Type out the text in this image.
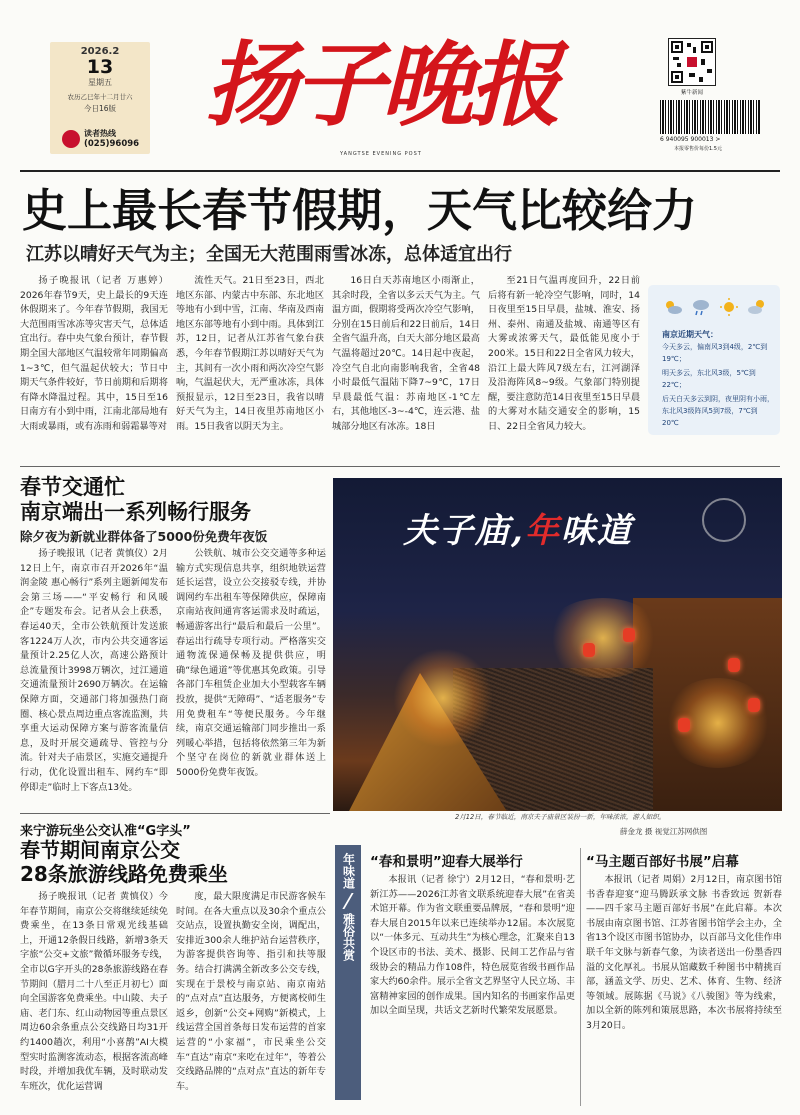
2026.2
13
星期五
农历乙巳年十二月廿六
今日16版
读者热线
(025)96096
扬子晚报
YANGTSE EVENING POST
紫牛新闻
6 940095 900013 >
本报零售价每份1.5元
史上最长春节假期，天气比较给力
江苏以晴好天气为主；全国无大范围雨雪冰冻，总体适宜出行

扬子晚报讯（记者 万惠婷）2026年春节9天，史上最长的9天连休假期来了。今年春节假期，我国无大范围雨雪冰冻等灾害天气，总体适宜出行。春中央气象台预计，春节假期全国大部地区气温较常年同期偏高1~3℃，但气温起伏较大；节日中期天气条件较好，节日前期和后期将有降水降温过程。其中，15日至16日南方有小到中雨，江南北部局地有大雨或暴雨，或有冻雨和弱霜暴等对

流性天气。21日至23日，西北地区东部、内蒙古中东部、东北地区等地有小到中雪，江南、华南及西南地区东部等地有小到中雨。具体到江苏，12日，记者从江苏省气象台获悉，今年春节假期江苏以晴好天气为主，其间有一次小雨和两次冷空气影响，气温起伏大，无严重冰冻，具体预报显示，12日至23日，我省以晴好天气为主，14日夜里苏南地区小雨。15日我省以阴天为主。

16日白天苏南地区小雨渐止，其余时段，全省以多云天气为主。气温方面，假期将受两次冷空气影响，分别在15日前后和22日前后，14日全省气温升高，白天大部分地区最高气温将超过20℃。14日起中夜起，冷空气自北向南影响我省，全省48小时最低气温陆下降7~9℃，17日早晨最低气温：苏南地区-1℃左右，其他地区-3~-4℃，连云港、盐城部分地区有冰冻。18日

至21日气温再度回升，22日前后将有新一轮冷空气影响，同时，14日夜里至15日早晨，盐城、淮安、扬州、泰州、南通及盐城、南通等区有大雾或浓雾天气，最低能见度小于200米。15日和22日全省风力较大，沿江上最大阵风7级左右，江河湖泽及沿海阵风8~9级。气象部门特别提醒，要注意防范14日夜里至15日早晨的大雾对水陆交通安全的影响，15日、22日全省风力较大。

南京近期天气：
今天多云，偏南风3到4级，2℃到19℃；
明天多云，东北风3级，5℃到22℃；
后天白天多云到阴，夜里阴有小雨，东北风3级阵风5到7级，7℃到20℃
春节交通忙
南京端出一系列畅行服务
除夕夜为新就业群体备了5000份免费年夜饭

扬子晚报讯（记者 黄慎仪）2月12日上午，南京市召开2026年“温润金陵 惠心畅行”系列主题新闻发布会第三场——“平安畅行 和风暖企”专题发布会。记者从会上获悉，春运40天，全市公铁航预计发送旅客1224万人次，市内公共交通客运量预计2.25亿人次，高速公路预计总流量预计3998万辆次，过江通道交通流量预计2690万辆次。在运输保障方面，交通部门将加强热门商圈、核心景点周边重点客流监测，共享重大运动保障方案与游客流量信息，及时开展交通疏导、管控与分流。针对夫子庙景区，实施交通提升行动，优化设置出租车、网约车“即停即走”临时上下客点13处。

公铁航、城市公交交通等多种运输方式实现信息共享，组织地铁运营延长运营，设立公交接驳专线，并协调网约车出租车等保障供应，保障南京南站夜间通宵客运需求及时疏运，畅通游客出行“最后和最后一公里”。春运出行疏导专项行动。严格落实交通物流保通保畅及提供供应，明确“绿色通道”等优惠其免政策。引导各部门车租赁企业加大小型载客车辆投放，提供“无障碍”、“适老服务”专用免费租车“等便民服务。今年继续，南京交通运输部门同步推出一系列暖心举措，包括将依然第三年为新个坚守在岗位的新就业群体送上5000份免费年夜饭。

夫子庙,年味道
2月12日，春节临近，南京夫子庙景区装扮一新，年味浓浓，游人如织。
薛金龙 摄 视觉江苏网供图
来宁游玩坐公交认准“G字头”
春节期间南京公交
28条旅游线路免费乘坐

扬子晚报讯（记者 黄慎仪）今年春节期间，南京公交将继续延续免费乘坐，在13条日常观光线基础上，开通12条假日线路，新增3条天字旅“公交+文旅”微循环服务专线，全市以G字开头的28条旅游线路在春节期间（腊月二十八至正月初七）面向全国游客免费乘坐。中山陵、夫子庙、老门东、红山动物园等重点景区周边60余条重点公交线路日均31开约1400趟次，利用“小喜鹊”AI大模型实时监测客流动态，根据客流高峰时段，并增加我优车辆，及时联动发车班次，优化运营调

度，最大限度满足市民游客候车时间。在各大重点以及30余个重点公交站点，设置执勤安全岗，调配出，安排近300余人维护站台运营秩序，为游客提供咨询等、指引和扶等服务。结合打满满全新改多公交专线，实现在于景校与南京站、南京南站的“点对点”直达服务，方便离校师生返乡，创新“公交+网购”新模式，上线运营全国首条每日发布运营的首家运营的“小家福”，市民乘坐公交车“直达”南京“来吃在过年”，等着公交线路品牌的“点对点”直达的新年专车。

年味道
雅俗共赏
“春和景明”迎春大展举行

本报讯（记者 徐宁）2月12日，“春和景明·艺新江苏——2026江苏省文联系统迎春大展”在省美术馆开幕。作为省文联重要品牌展，“春和景明”迎春大展自2015年以来已连续举办12届。本次展览以“一体多元、互动共生”为核心理念，汇聚来自13个设区市的书法、美术、摄影、民间工艺作品与省级协会的精品力作108件，特色展览省级书画作品家大约60余件。展示全省文艺界坚守人民立场、丰富精神家园的创作成果。国内知名的书画家作品更加以全面呈现，共话文艺新时代繁荣发展愿景。

“马主题百部好书展”启幕

本报讯（记者 周娟）2月12日，南京图书馆书香春迎宴“迎马腾跃承文脉 书香致远 贺新春——四千家马主题百部好书展”在此启幕。本次书展由南京图书馆、江苏省图书馆学会主办，全省13个设区市图书馆协办，以百部马文化佳作串联千年文脉与新春气象，为读者送出一份墨香四溢的文化厚礼。书展从馆藏数千种图书中精挑百部，涵盖文学、历史、艺术、体育、生物、经济等领域。展陈据《马说》《八骏图》等为线索，加以全新的陈列和策展思路，本次书展将持续至3月20日。
